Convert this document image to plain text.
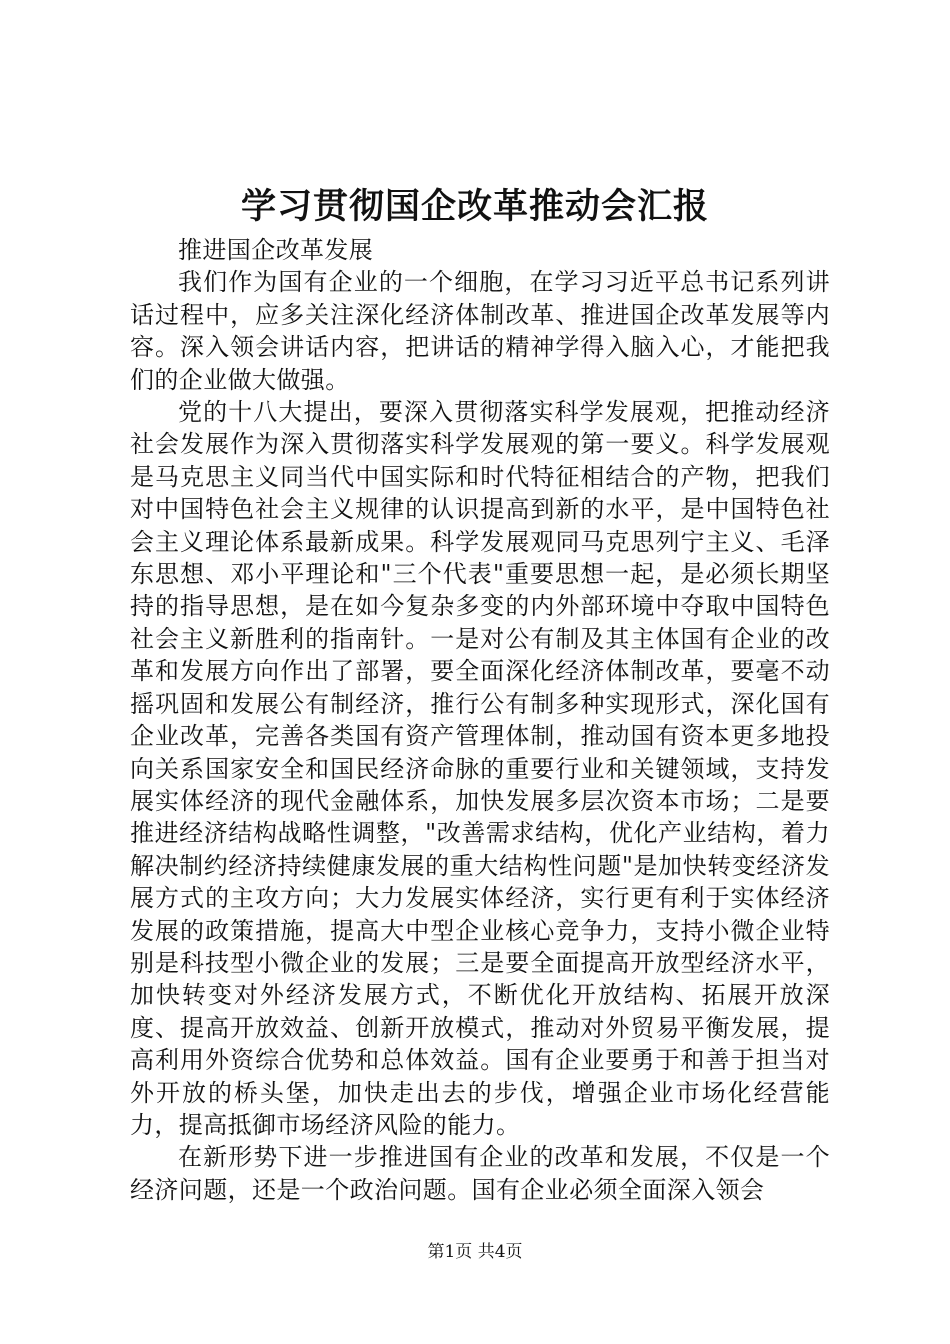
学习贯彻国企改革推动会汇报

推进国企改革发展

我们作为国有企业的一个细胞，在学习习近平总书记系列讲话过程中，应多关注深化经济体制改革、推进国企改革发展等内容。深入领会讲话内容，把讲话的精神学得入脑入心，才能把我们的企业做大做强。

党的十八大提出，要深入贯彻落实科学发展观，把推动经济社会发展作为深入贯彻落实科学发展观的第一要义。科学发展观是马克思主义同当代中国实际和时代特征相结合的产物，把我们对中国特色社会主义规律的认识提高到新的水平，是中国特色社会主义理论体系最新成果。科学发展观同马克思列宁主义、毛泽东思想、邓小平理论和"三个代表"重要思想一起，是必须长期坚持的指导思想，是在如今复杂多变的内外部环境中夺取中国特色社会主义新胜利的指南针。一是对公有制及其主体国有企业的改革和发展方向作出了部署，要全面深化经济体制改革，要毫不动摇巩固和发展公有制经济，推行公有制多种实现形式，深化国有企业改革，完善各类国有资产管理体制，推动国有资本更多地投向关系国家安全和国民经济命脉的重要行业和关键领域，支持发展实体经济的现代金融体系，加快发展多层次资本市场；二是要推进经济结构战略性调整，"改善需求结构，优化产业结构，着力解决制约经济持续健康发展的重大结构性问题"是加快转变经济发展方式的主攻方向；大力发展实体经济，实行更有利于实体经济发展的政策措施，提高大中型企业核心竞争力，支持小微企业特别是科技型小微企业的发展；三是要全面提高开放型经济水平，加快转变对外经济发展方式，不断优化开放结构、拓展开放深度、提高开放效益、创新开放模式，推动对外贸易平衡发展，提高利用外资综合优势和总体效益。国有企业要勇于和善于担当对外开放的桥头堡，加快走出去的步伐，增强企业市场化经营能力，提高抵御市场经济风险的能力。

在新形势下进一步推进国有企业的改革和发展，不仅是一个经济问题，还是一个政治问题。国有企业必须全面深入领会

第1页 共4页
